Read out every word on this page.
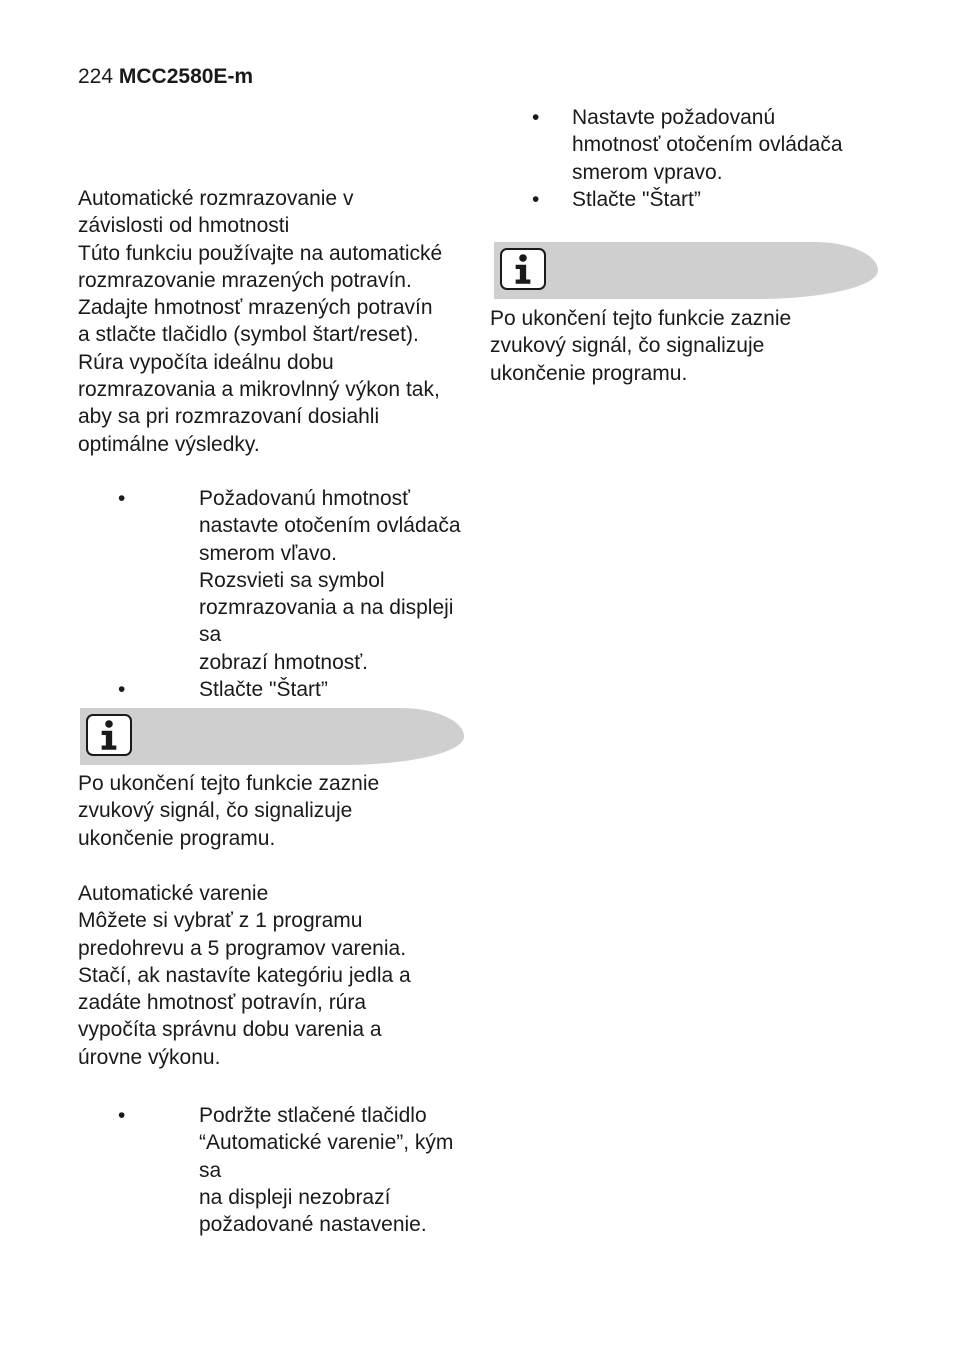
224 MCC2580E-m
Automatické rozmrazovanie v
závislosti od hmotnosti

Túto funkciu používajte na automatické

rozmrazovanie mrazených potravín.

Zadajte hmotnosť mrazených potravín

a stlačte tlačidlo (symbol štart/reset).

Rúra vypočíta ideálnu dobu

rozmrazovania a mikrovlnný výkon tak,

aby sa pri rozmrazovaní dosiahli

optimálne výsledky.

•	Požadovanú hmotnosť
nastavte otočením ovládača
smerom vľavo.
Rozsvieti sa symbol
rozmrazovania a na displeji sa
zobrazí hmotnosť.
•	Stlačte "Štart”

Po ukončení tejto funkcie zaznie

zvukový signál, čo signalizuje

ukončenie programu.

Automatické varenie

Môžete si vybrať z 1 programu

predohrevu a 5 programov varenia.

Stačí, ak nastavíte kategóriu jedla a

zadáte hmotnosť potravín, rúra

vypočíta správnu dobu varenia a

úrovne výkonu.

•	Podržte stlačené tlačidlo
“Automatické varenie”, kým sa
na displeji nezobrazí
požadované nastavenie.
•	Nastavte požadovanú
hmotnosť otočením ovládača
smerom vpravo.
•	Stlačte "Štart”

Po ukončení tejto funkcie zaznie

zvukový signál, čo signalizuje

ukončenie programu.
